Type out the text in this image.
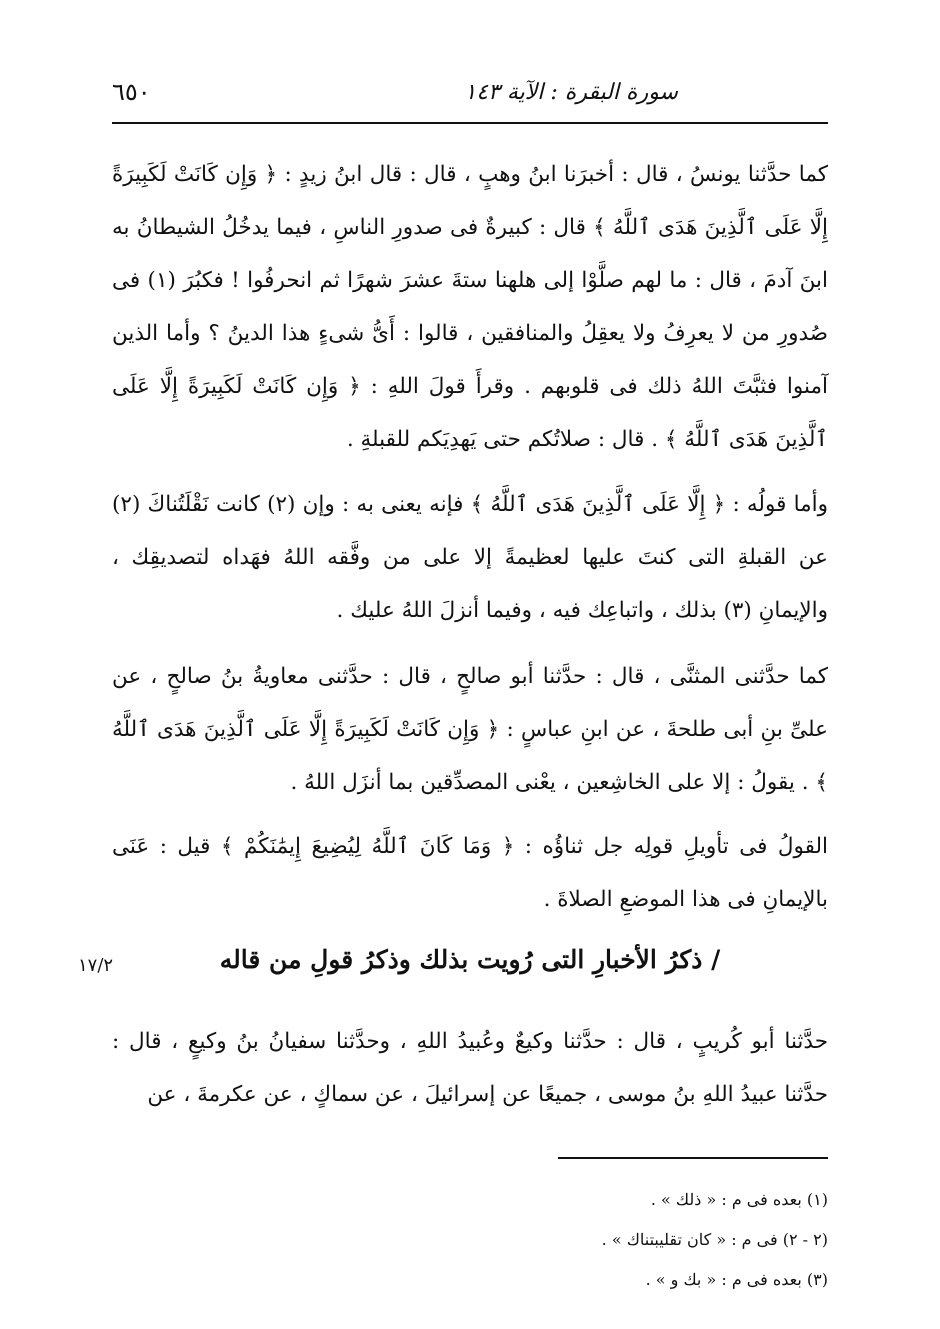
٦٥٠	سورة البقرة : الآية ١٤٣

كما حدَّثنا يونسُ ، قال : أخبرَنا ابنُ وهبٍ ، قال : قال ابنُ زيدٍ : ﴿ وَإِن كَانَتْ لَكَبِيرَةً إِلَّا عَلَى ٱلَّذِينَ هَدَى ٱللَّهُ ﴾ قال : كبيرةٌ فى صدورِ الناسِ ، فيما يدخُلُ الشيطانُ به ابنَ آدمَ ، قال : ما لهم صلَّوْا إلى هلهنا ستةَ عشرَ شهرًا ثم انحرفُوا ! فكبُرَ (١) فى صُدورِ من لا يعرِفُ ولا يعقِلُ والمنافقين ، قالوا : أَىُّ شىءٍ هذا الدينُ ؟ وأما الذين آمنوا فثبَّتَ اللهُ ذلك فى قلوبهم . وقرأَ قولَ اللهِ : ﴿ وَإِن كَانَتْ لَكَبِيرَةً إِلَّا عَلَى ٱلَّذِينَ هَدَى ٱللَّهُ ﴾ . قال : صلاتُكم حتى يَهدِيَكم للقبلةِ .

وأما قولُه : ﴿ إِلَّا عَلَى ٱلَّذِينَ هَدَى ٱللَّهُ ﴾ فإنه يعنى به : وإن (٢) كانت نَقْلَتُناكَ (٢) عن القبلةِ التى كنتَ عليها لعظيمةً إلا على من وفَّقه اللهُ فهَداه لتصديقِك ، والإيمانِ (٣) بذلك ، واتباعِك فيه ، وفيما أنزلَ اللهُ عليك .

كما حدَّثنى المثنَّى ، قال : حدَّثنا أبو صالحٍ ، قال : حدَّثنى معاويةُ بنُ صالحٍ ، عن علىِّ بنِ أبى طلحةَ ، عن ابنِ عباسٍ : ﴿ وَإِن كَانَتْ لَكَبِيرَةً إِلَّا عَلَى ٱلَّذِينَ هَدَى ٱللَّهُ ﴾ . يقولُ : إلا على الخاشِعين ، يعْنى المصدِّقين بما أنزَل اللهُ .

القولُ فى تأويلِ قولِه جل ثناؤُه : ﴿ وَمَا كَانَ ٱللَّهُ لِيُضِيعَ إِيمَٰنَكُمْ ﴾ قيل : عَنَى بالإيمانِ فى هذا الموضعِ الصلاةَ .

١٧/٢	/ ذكرُ الأخبارِ التى رُويت بذلك وذكرُ قولِ من قاله

حدَّثنا أبو كُريبٍ ، قال : حدَّثنا وكيعٌ وعُبيدُ اللهِ ، وحدَّثنا سفيانُ بنُ وكيعٍ ، قال : حدَّثنا عبيدُ اللهِ بنُ موسى ، جميعًا عن إسرائيلَ ، عن سماكٍ ، عن عكرمةَ ، عن

(١) بعده فى م : « ذلك » .
(٢ - ٢) فى م : « كان تقليبتناك » .
(٣) بعده فى م : « بك و » .
